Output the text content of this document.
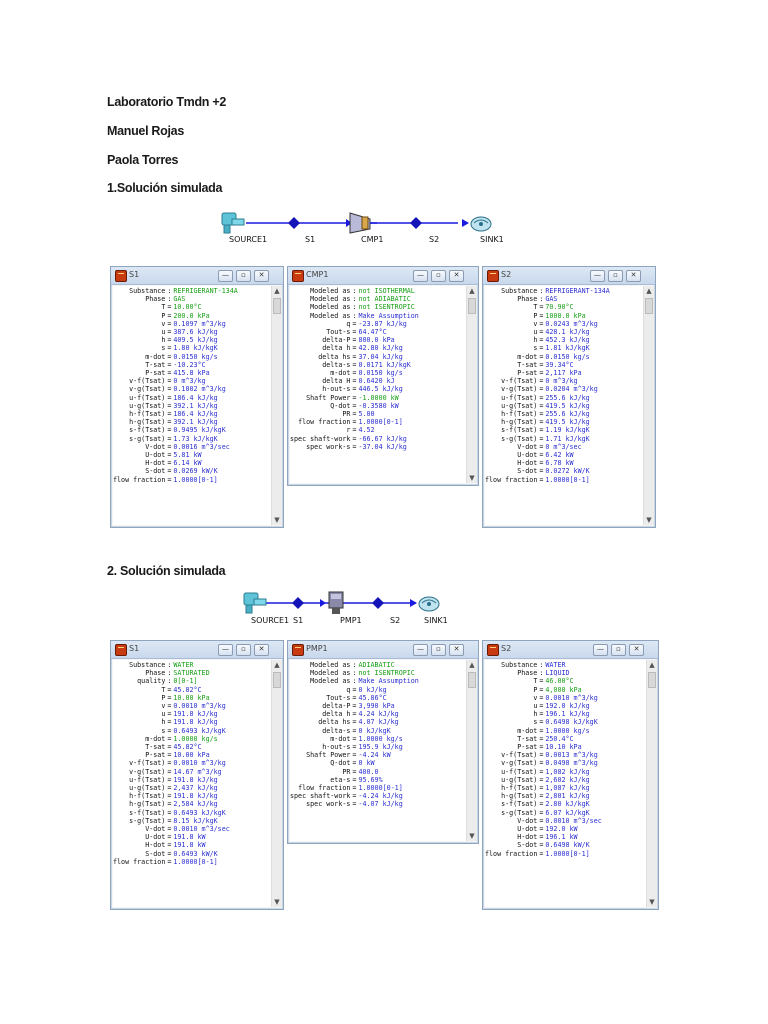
Laboratorio Tmdn +2
Manuel Rojas
Paola Torres
1.Solución simulada
2. Solución simulada
SOURCE1	S1	CMP1	S2	SINK1
SOURCE1 S1	PMP1	S2	SINK1
S1	—	▫	✕
Substance	:	REFRIGERANT-134A
Phase	:	GAS
T	=	10.00°C
P	=	200.0 kPa
v	=	0.1097 m^3/kg
u	=	387.6 kJ/kg
h	=	409.5 kJ/kg
s	=	1.80 kJ/kgK
m-dot	=	0.0150 kg/s
T-sat	=	-10.23°C
P-sat	=	415.8 kPa
v-f(Tsat)	=	0 m^3/kg
v-g(Tsat)	=	0.1002 m^3/kg
u-f(Tsat)	=	186.4 kJ/kg
u-g(Tsat)	=	392.1 kJ/kg
h-f(Tsat)	=	186.4 kJ/kg
h-g(Tsat)	=	392.1 kJ/kg
s-f(Tsat)	=	0.9495 kJ/kgK
s-g(Tsat)	=	1.73 kJ/kgK
V-dot	=	0.0016 m^3/sec
U-dot	=	5.81 kW
H-dot	=	6.14 kW
S-dot	=	0.0269 kW/K
flow fraction	=	1.0000[0-1]
▲
▼
CMP1	—	▫	✕
Modeled as	:	not ISOTHERMAL
Modeled as	:	not ADIABATIC
Modeled as	:	not ISENTROPIC
Modeled as	:	Make Assumption
q	=	-23.87 kJ/kg
Tout-s	=	64.47°C
delta-P	=	800.0 kPa
delta h	=	42.80 kJ/kg
delta hs	=	37.04 kJ/kg
delta-s	=	0.0171 kJ/kgK
m-dot	=	0.0150 kg/s
delta H	=	0.6420 kJ
h-out-s	=	446.5 kJ/kg
Shaft Power	=	-1.0000 kW
Q-dot	=	-0.3580 kW
PR	=	5.00
flow fraction	=	1.0000[0-1]
r	=	4.52
spec shaft-work	=	-66.67 kJ/kg
spec work-s	=	-37.04 kJ/kg
▲
▼
S2	—	▫	✕
Substance	:	REFRIGERANT-134A
Phase	:	GAS
T	=	70.90°C
P	=	1000.0 kPa
v	=	0.0243 m^3/kg
u	=	428.1 kJ/kg
h	=	452.3 kJ/kg
s	=	1.81 kJ/kgK
m-dot	=	0.0150 kg/s
T-sat	=	39.34°C
P-sat	=	2,117 kPa
v-f(Tsat)	=	0 m^3/kg
v-g(Tsat)	=	0.0204 m^3/kg
u-f(Tsat)	=	255.6 kJ/kg
u-g(Tsat)	=	419.5 kJ/kg
h-f(Tsat)	=	255.6 kJ/kg
h-g(Tsat)	=	419.5 kJ/kg
s-f(Tsat)	=	1.19 kJ/kgK
s-g(Tsat)	=	1.71 kJ/kgK
V-dot	=	0 m^3/sec
U-dot	=	6.42 kW
H-dot	=	6.78 kW
S-dot	=	0.0272 kW/K
flow fraction	=	1.0000[0-1]
▲
▼
S1	—	▫	✕
Substance	:	WATER
Phase	:	SATURATED
quality	:	0[0-1]
T	=	45.82°C
P	=	10.00 kPa
v	=	0.0010 m^3/kg
u	=	191.8 kJ/kg
h	=	191.8 kJ/kg
s	=	0.6493 kJ/kgK
m-dot	=	1.0000 kg/s
T-sat	=	45.82°C
P-sat	=	10.00 kPa
v-f(Tsat)	=	0.0010 m^3/kg
v-g(Tsat)	=	14.67 m^3/kg
u-f(Tsat)	=	191.8 kJ/kg
u-g(Tsat)	=	2,437 kJ/kg
h-f(Tsat)	=	191.8 kJ/kg
h-g(Tsat)	=	2,584 kJ/kg
s-f(Tsat)	=	0.6493 kJ/kgK
s-g(Tsat)	=	8.15 kJ/kgK
V-dot	=	0.0010 m^3/sec
U-dot	=	191.8 kW
H-dot	=	191.8 kW
S-dot	=	0.6493 kW/K
flow fraction	=	1.0000[0-1]
▲
▼
PMP1	—	▫	✕
Modeled as	:	ADIABATIC
Modeled as	:	not ISENTROPIC
Modeled as	:	Make Assumption
q	=	0 kJ/kg
Tout-s	=	45.86°C
delta-P	=	3,990 kPa
delta h	=	4.24 kJ/kg
delta hs	=	4.07 kJ/kg
delta-s	=	0 kJ/kgK
m-dot	=	1.0000 kg/s
h-out-s	=	195.9 kJ/kg
Shaft Power	=	-4.24 kW
Q-dot	=	0 kW
PR	=	400.0
eta-s	=	95.69%
flow fraction	=	1.0000[0-1]
spec shaft-work	=	-4.24 kJ/kg
spec work-s	=	-4.07 kJ/kg
▲
▼
S2	—	▫	✕
Substance	:	WATER
Phase	:	LIQUID
T	=	46.00°C
P	=	4,000 kPa
v	=	0.0010 m^3/kg
u	=	192.0 kJ/kg
h	=	196.1 kJ/kg
s	=	0.6498 kJ/kgK
m-dot	=	1.0000 kg/s
T-sat	=	250.4°C
P-sat	=	10.10 kPa
v-f(Tsat)	=	0.0013 m^3/kg
v-g(Tsat)	=	0.0498 m^3/kg
u-f(Tsat)	=	1,082 kJ/kg
u-g(Tsat)	=	2,602 kJ/kg
h-f(Tsat)	=	1,087 kJ/kg
h-g(Tsat)	=	2,801 kJ/kg
s-f(Tsat)	=	2.80 kJ/kgK
s-g(Tsat)	=	6.07 kJ/kgK
V-dot	=	0.0010 m^3/sec
U-dot	=	192.0 kW
H-dot	=	196.1 kW
S-dot	=	0.6498 kW/K
flow fraction	=	1.0000[0-1]
▲
▼
